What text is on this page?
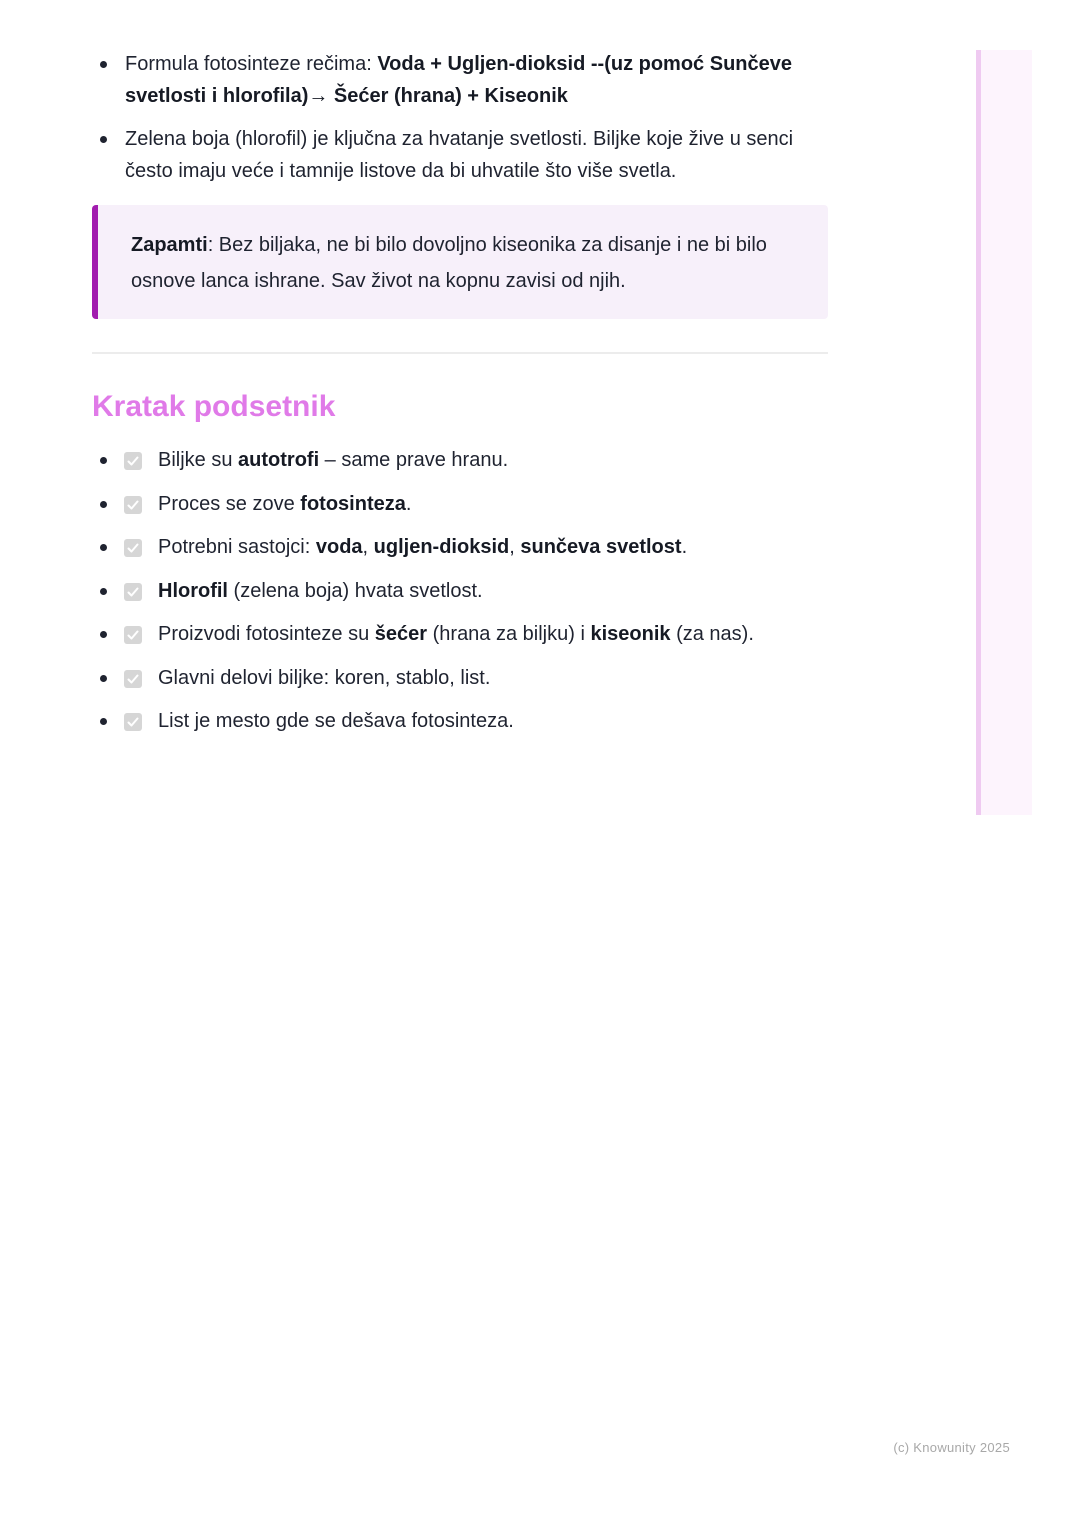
Formula fotosinteze rečima: Voda + Ugljen-dioksid --(uz pomoć Sunčeve svetlosti i hlorofila)→ Šećer (hrana) + Kiseonik
Zelena boja (hlorofil) je ključna za hvatanje svetlosti. Biljke koje žive u senci često imaju veće i tamnije listove da bi uhvatile što više svetla.
Zapamti: Bez biljaka, ne bi bilo dovoljno kiseonika za disanje i ne bi bilo osnove lanca ishrane. Sav život na kopnu zavisi od njih.
Kratak podsetnik
Biljke su autotrofi – same prave hranu.
Proces se zove fotosinteza.
Potrebni sastojci: voda, ugljen-dioksid, sunčeva svetlost.
Hlorofil (zelena boja) hvata svetlost.
Proizvodi fotosinteze su šećer (hrana za biljku) i kiseonik (za nas).
Glavni delovi biljke: koren, stablo, list.
List je mesto gde se dešava fotosinteza.
(c) Knowunity 2025
